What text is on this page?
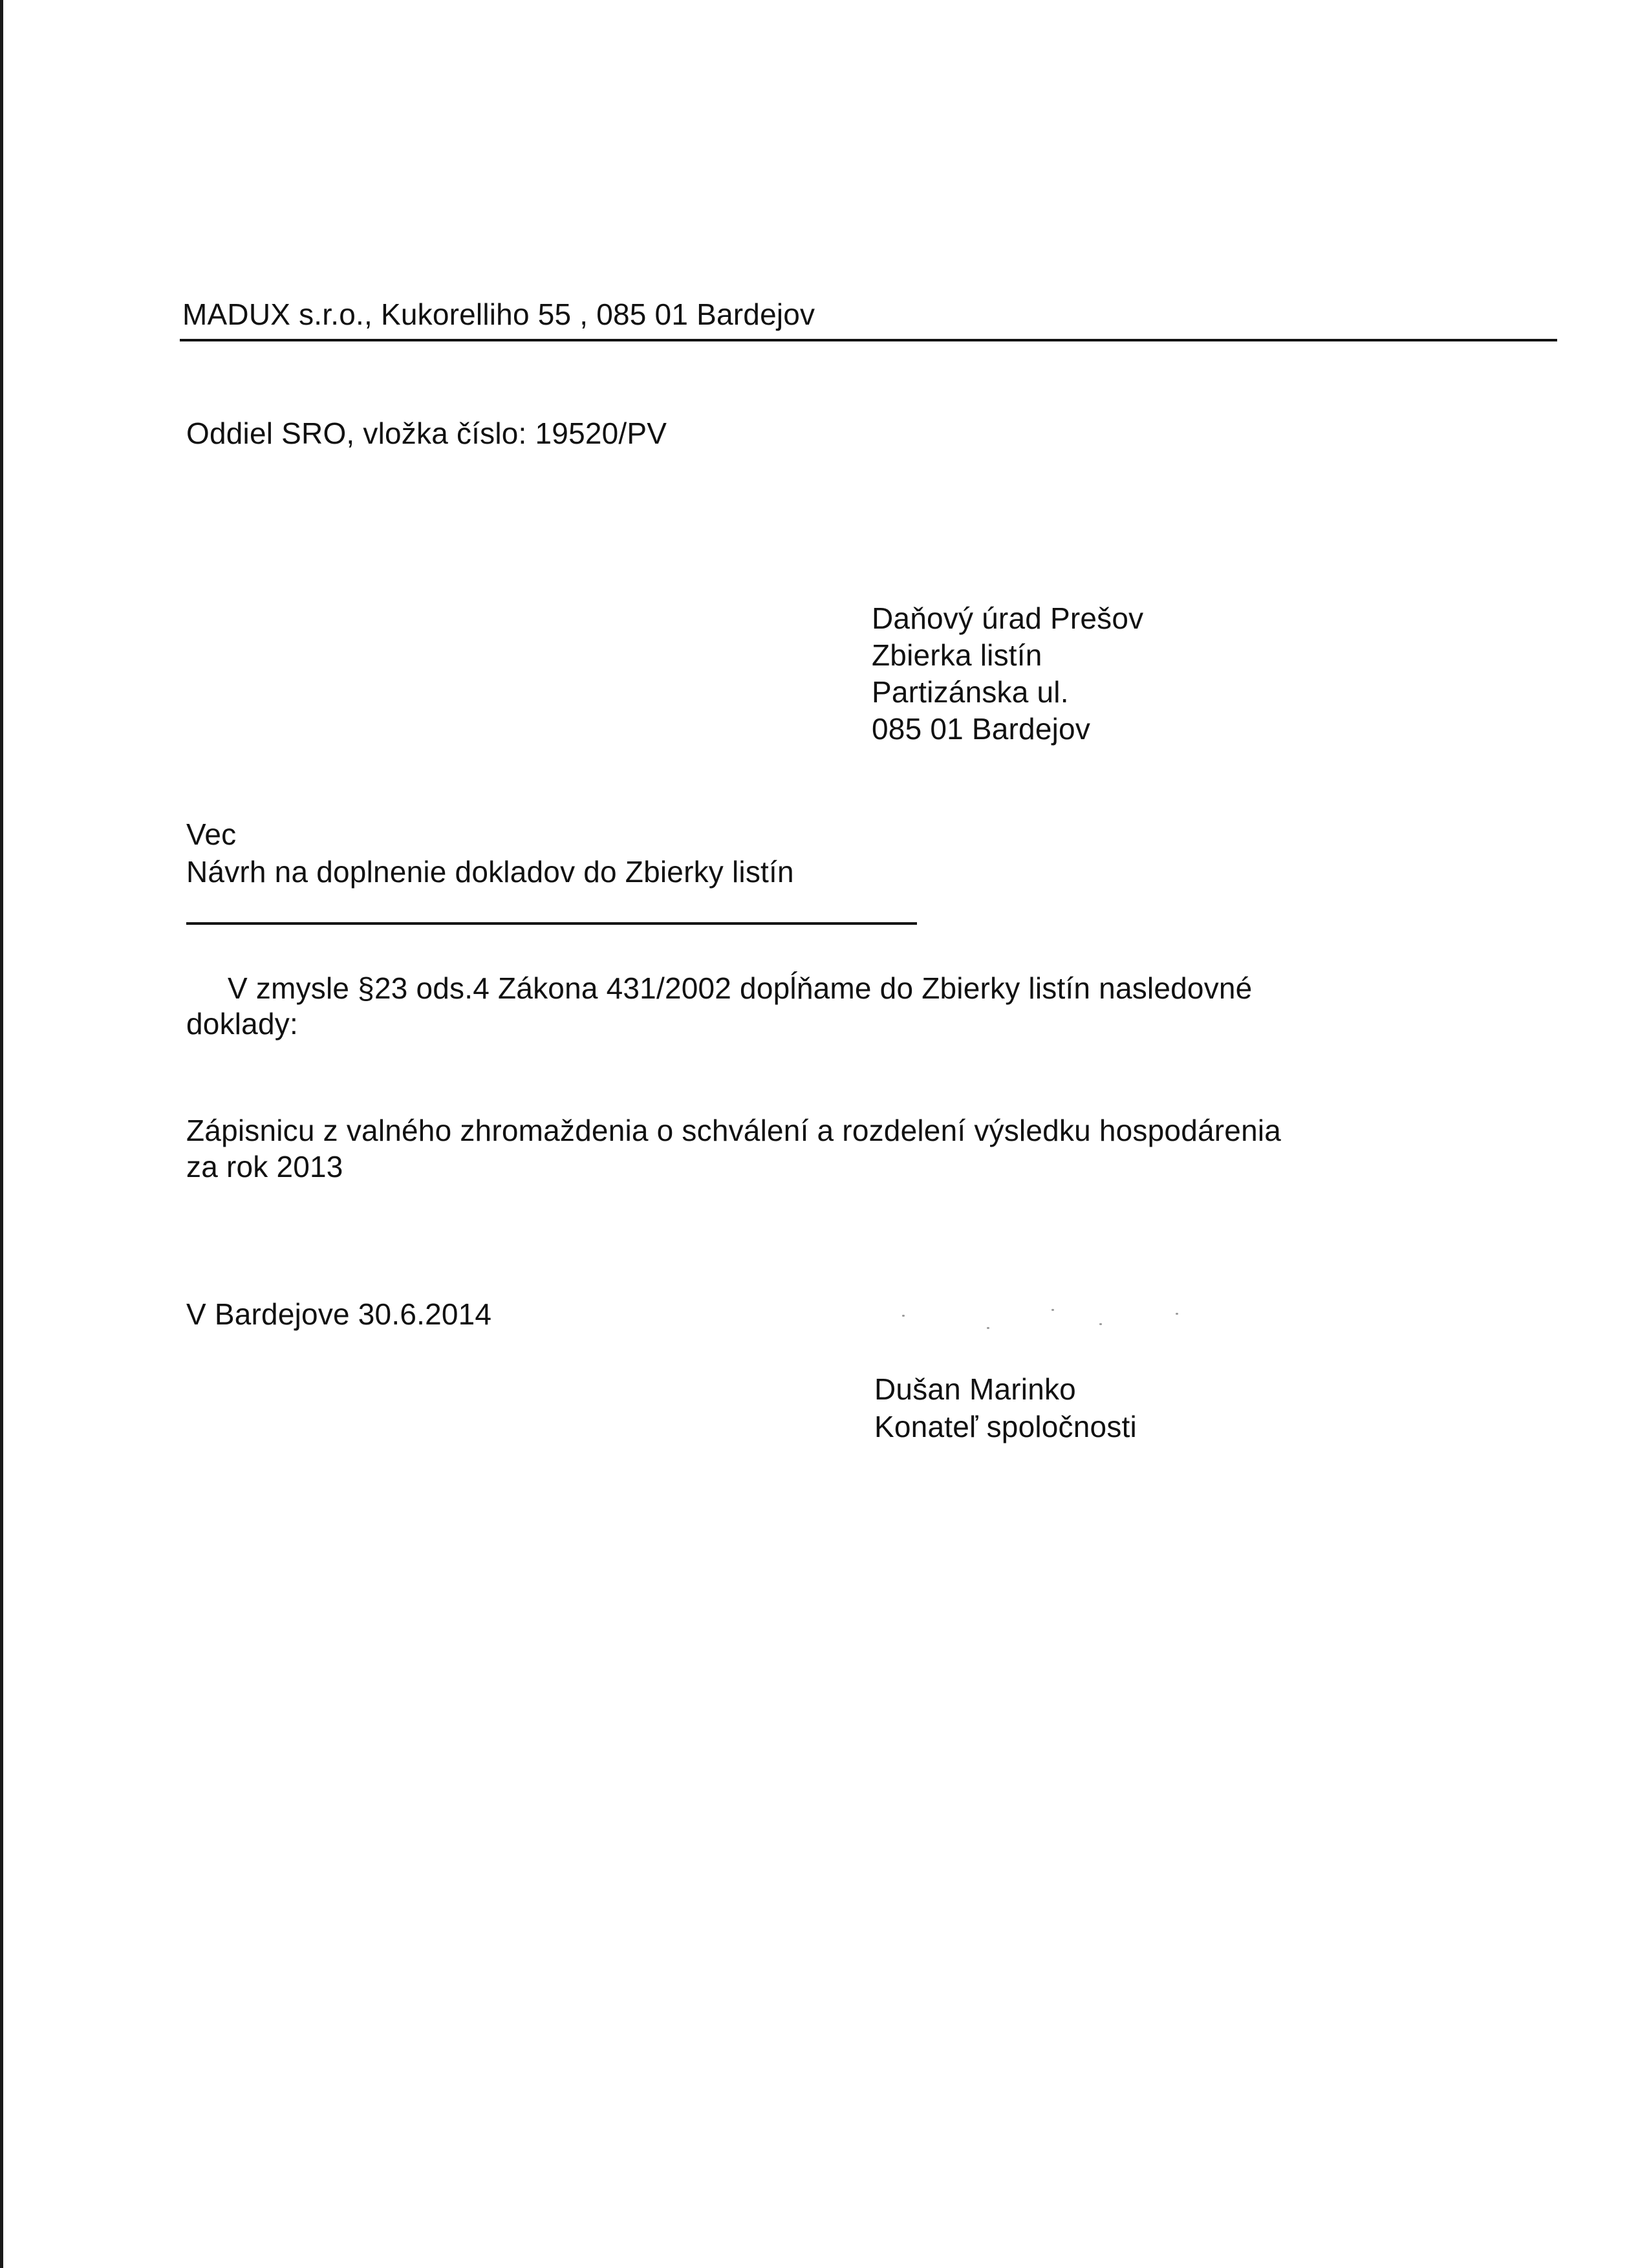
MADUX s.r.o., Kukorelliho 55 , 085 01 Bardejov
Oddiel SRO, vložka číslo: 19520/PV
Daňový úrad Prešov
Zbierka listín
Partizánska ul.
085 01 Bardejov
Vec
Návrh na doplnenie dokladov do Zbierky listín
V zmysle §23 ods.4 Zákona 431/2002 dopĺňame do Zbierky listín nasledovné
doklady:
Zápisnicu z valného zhromaždenia o schválení a rozdelení výsledku hospodárenia
za rok 2013
V Bardejove 30.6.2014
Dušan Marinko
Konateľ spoločnosti
